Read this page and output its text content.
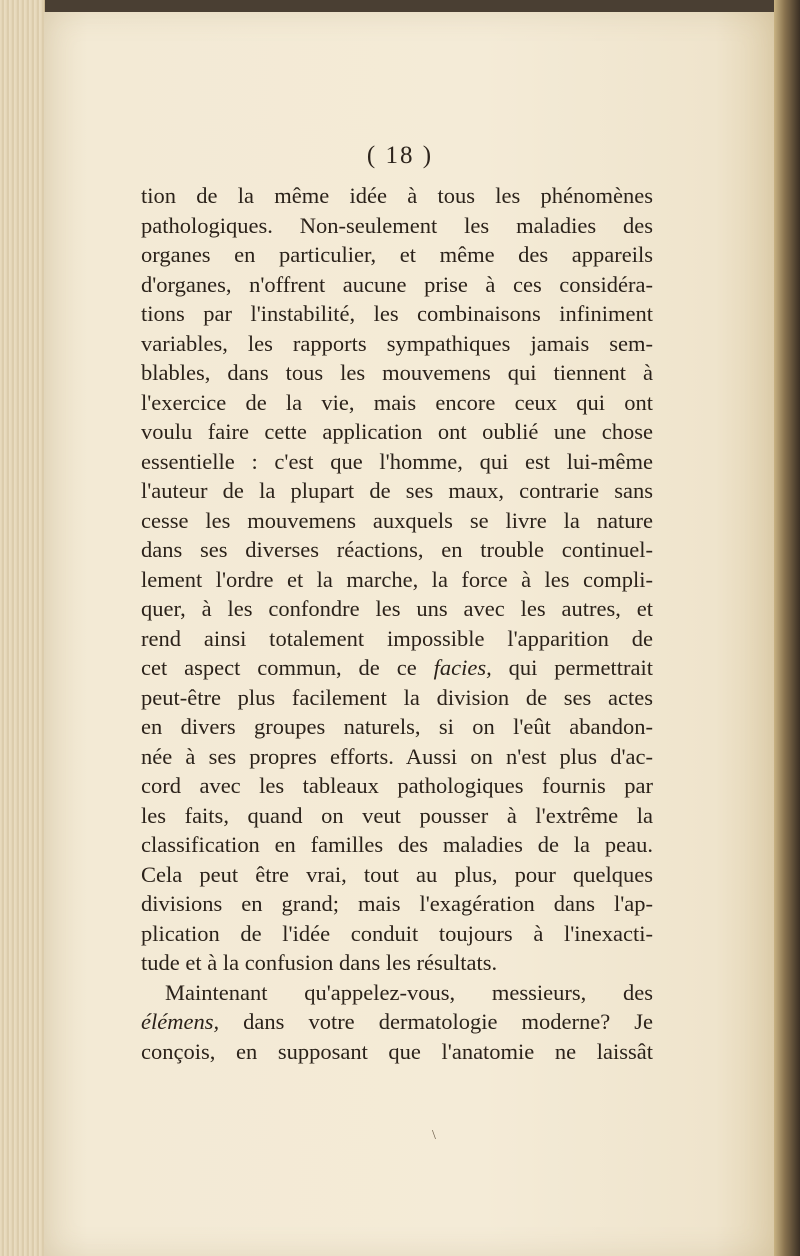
( 18 )
tion de la même idée à tous les phénomènes
pathologiques. Non-seulement les maladies des
organes en particulier, et même des appareils
d'organes, n'offrent aucune prise à ces considéra-
tions par l'instabilité, les combinaisons infiniment
variables, les rapports sympathiques jamais sem-
blables, dans tous les mouvemens qui tiennent à
l'exercice de la vie, mais encore ceux qui ont
voulu faire cette application ont oublié une chose
essentielle : c'est que l'homme, qui est lui-même
l'auteur de la plupart de ses maux, contrarie sans
cesse les mouvemens auxquels se livre la nature
dans ses diverses réactions, en trouble continuel-
lement l'ordre et la marche, la force à les compli-
quer, à les confondre les uns avec les autres, et
rend ainsi totalement impossible l'apparition de
cet aspect commun, de ce facies, qui permettrait
peut-être plus facilement la division de ses actes
en divers groupes naturels, si on l'eût abandon-
née à ses propres efforts. Aussi on n'est plus d'ac-
cord avec les tableaux pathologiques fournis par
les faits, quand on veut pousser à l'extrême la
classification en familles des maladies de la peau.
Cela peut être vrai, tout au plus, pour quelques
divisions en grand; mais l'exagération dans l'ap-
plication de l'idée conduit toujours à l'inexacti-
tude et à la confusion dans les résultats.
Maintenant qu'appelez-vous, messieurs, des
élémens, dans votre dermatologie moderne? Je
conçois, en supposant que l'anatomie ne laissât
\
